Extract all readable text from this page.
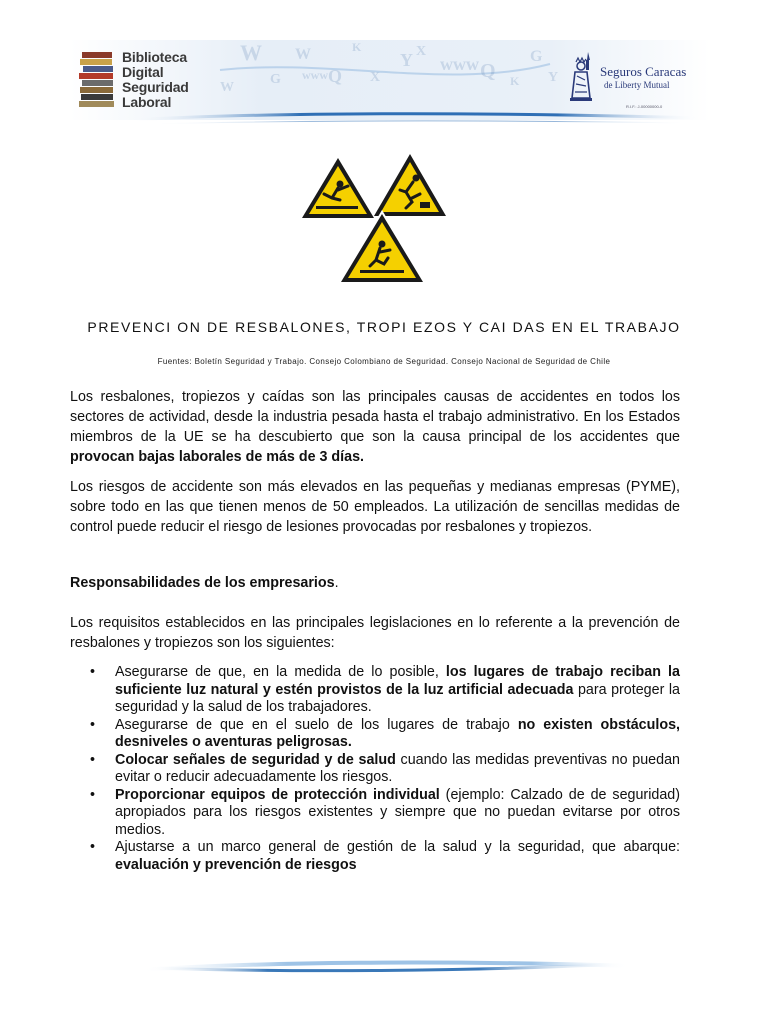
W
G
W
Q
K
X
www
Y X
www Q K
G
W
Y
Biblioteca
Digital
Seguridad Laboral
Seguros Caracas
de Liberty Mutual
R.I.F.: J-00000000-0
PREVENCI ON DE RESBALONES, TROPI EZOS Y CAI DAS EN EL TRABAJO
Fuentes: Boletín Seguridad y Trabajo. Consejo Colombiano de Seguridad. Consejo Nacional de Seguridad de Chile

Los resbalones, tropiezos y caídas son las principales causas de accidentes en todos los sectores de actividad, desde la industria pesada hasta el trabajo administrativo. En los Estados miembros de la UE se ha descubierto que son la causa principal de los accidentes que provocan bajas laborales de más de 3 días.

Los riesgos de accidente son más elevados en las pequeñas y medianas empresas (PYME), sobre todo en las que tienen menos de 50 empleados. La utilización de sencillas medidas de control puede reducir el riesgo de lesiones provocadas por resbalones y tropiezos.

Responsabilidades de los empresarios.

Los requisitos establecidos en las principales legislaciones en lo referente a la prevención de resbalones y tropiezos son los siguientes:

• Asegurarse de que, en la medida de lo posible, los lugares de trabajo reciban la suficiente luz natural y estén provistos de la luz artificial adecuada para proteger la seguridad y la salud de los trabajadores.
• Asegurarse de que en el suelo de los lugares de trabajo no existen obstáculos, desniveles o aventuras peligrosas.
• Colocar señales de seguridad y de salud cuando las medidas preventivas no puedan evitar o reducir adecuadamente los riesgos.
• Proporcionar equipos de protección individual (ejemplo: Calzado de de seguridad) apropiados para los riesgos existentes y siempre que no puedan evitarse por otros medios.
• Ajustarse a un marco general de gestión de la salud y la seguridad, que abarque: evaluación y prevención de riesgos
